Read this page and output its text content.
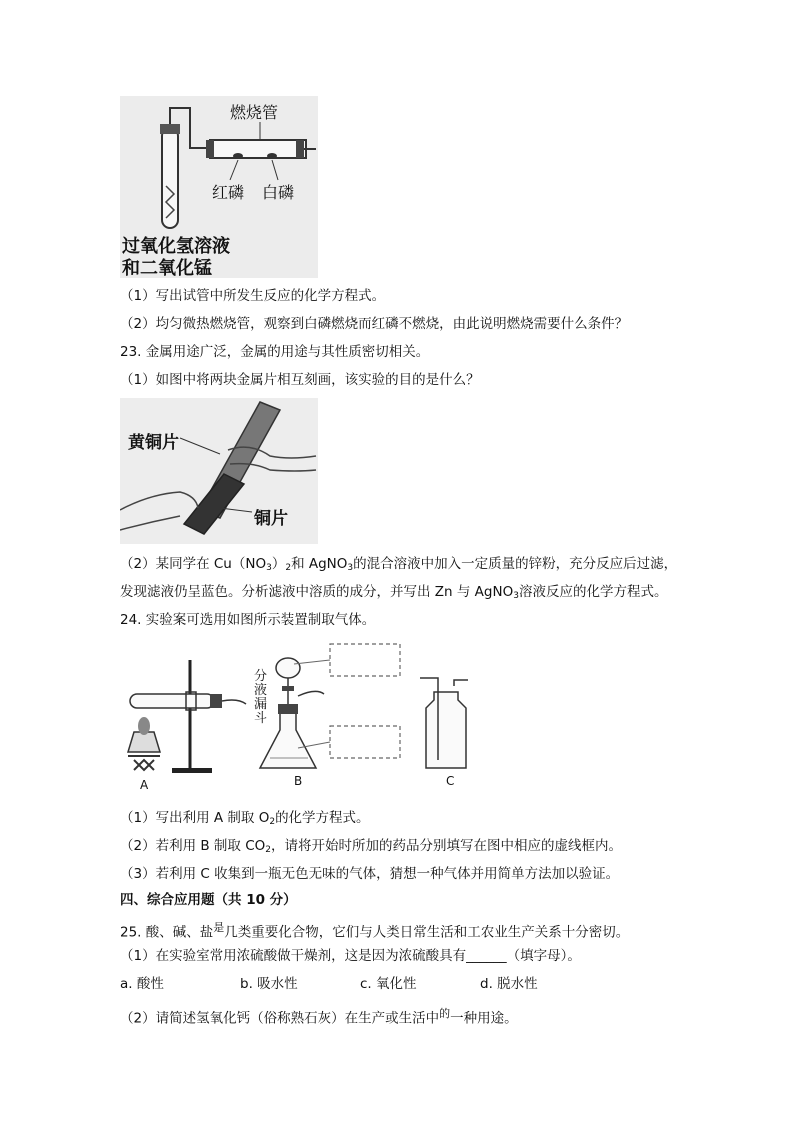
燃烧管
红磷 白磷
过氧化氢溶液
和二氧化锰
（1）写出试管中所发生反应的化学方程式。
（2）均匀微热燃烧管，观察到白磷燃烧而红磷不燃烧，由此说明燃烧需要什么条件？
23. 金属用途广泛，金属的用途与其性质密切相关。
（1）如图中将两块金属片相互刻画，该实验的目的是什么？
黄铜片
铜片
（2）某同学在 $Cu(NO_3)_2$和 AgNO$_3$的混合溶液中加入一定质量的锌粉，充分反应后过滤，
发现滤液仍呈蓝色。分析滤液中溶质的成分，并写出 Zn 与 AgNO$_3$溶液反应的化学方程式。
24. 实验案可选用如图所示装置制取气体。
分液漏斗
A	B	C
（1）写出利用 A 制取 $O_2$的化学方程式。
（2）若利用 B 制取 $CO_2$，请将开始时所加的药品分别填写在图中相应的虚线框内。
（3）若利用 C 收集到一瓶无色无味的气体，猜想一种气体并用简单方法加以验证。
四、综合应用题（共 10 分）
25. 酸、碱、盐$^是$几类重要化合物，它们与人类日常生活和工农业生产关系十分密切。
（1）在实验室常用浓硫酸做干燥剂，这是因为浓硫酸具有______（填字母）。
a. 酸性	b. 吸水性	c. 氧化性	d. 脱水性
（2）请简述氢氧化钙（俗称熟石灰）在生产或生活中$^的$一种用途。
